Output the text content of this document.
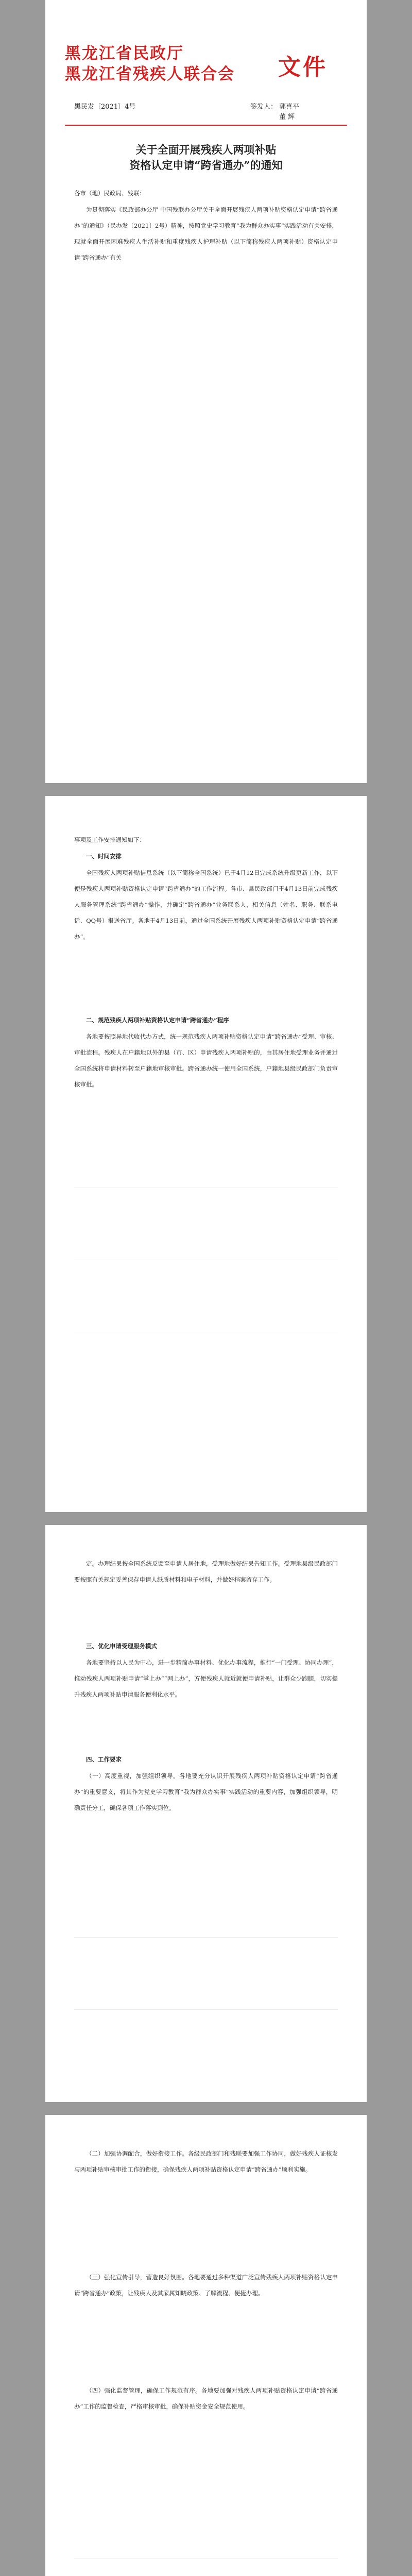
黑龙江省民政厅
黑龙江省残疾人联合会 文件
黑民发〔2021〕4号	签发人： 郭喜平
董 辉
关于全面开展残疾人两项补贴
资格认定申请“跨省通办”的通知
各市（地）民政局、残联：
为贯彻落实《民政部办公厅 中国残联办公厅关于全面开展残疾人两项补贴资格认定申请“跨省通办”的通知》（民办发〔2021〕2号）精神，按照党史学习教育“我为群众办实事”实践活动有关安排，现就全面开展困难残疾人生活补贴和重度残疾人护理补贴（以下简称残疾人两项补贴）资格认定申请“跨省通办”有关
事项及工作安排通知如下：
一、时间安排
全国残疾人两项补贴信息系统（以下简称全国系统）已于4月12日完成系统升级更新工作，以下便是残疾人两项补贴资格认定申请“跨省通办”的工作流程。各市、县民政部门于4月13日前完成残疾人服务管理系统“跨省通办”操作，并确定“跨省通办”业务联系人，相关信息（姓名、职务、联系电话、QQ号）报送省厅。各地于4月13日前，通过全国系统开展残疾人两项补贴资格认定申请“跨省通办”。
二、规范残疾人两项补贴资格认定申请“跨省通办”程序
各地要按照异地代收代办方式，统一规范残疾人两项补贴资格认定申请“跨省通办”受理、审核、审批流程。残疾人在户籍地以外的县（市、区）申请残疾人两项补贴的，由其居住地受理业务并通过全国系统将申请材料转至户籍地审核审批。跨省通办统一使用全国系统，户籍地县级民政部门负责审核审批。
定。办理结果按全国系统反馈至申请人居住地，受理地做好结果告知工作。受理地县级民政部门要按照有关规定妥善保存申请人纸质材料和电子材料，并做好档案留存工作。
三、优化申请受理服务模式
各地要坚持以人民为中心，进一步精简办事材料、优化办事流程，推行“一门受理、协同办理”，推动残疾人两项补贴申请“掌上办”“网上办”，方便残疾人就近就便申请补贴，让群众少跑腿，切实提升残疾人两项补贴申请服务便利化水平。
四、工作要求
（一）高度重视，加强组织领导。各地要充分认识开展残疾人两项补贴资格认定申请“跨省通办”的重要意义，将其作为党史学习教育“我为群众办实事”实践活动的重要内容，加强组织领导，明确责任分工，确保各项工作落实到位。
（二）加强协调配合，做好衔接工作。各级民政部门和残联要加强工作协同，做好残疾人证核发与两项补贴审核审批工作的衔接，确保残疾人两项补贴资格认定申请“跨省通办”顺利实施。
（三）强化宣传引导，营造良好氛围。各地要通过多种渠道广泛宣传残疾人两项补贴资格认定申请“跨省通办”政策，让残疾人及其家属知晓政策、了解流程、便捷办理。
（四）强化监督管理，确保工作规范有序。各地要加强对残疾人两项补贴资格认定申请“跨省通办”工作的监督检查，严格审核审批，确保补贴资金安全规范使用。
